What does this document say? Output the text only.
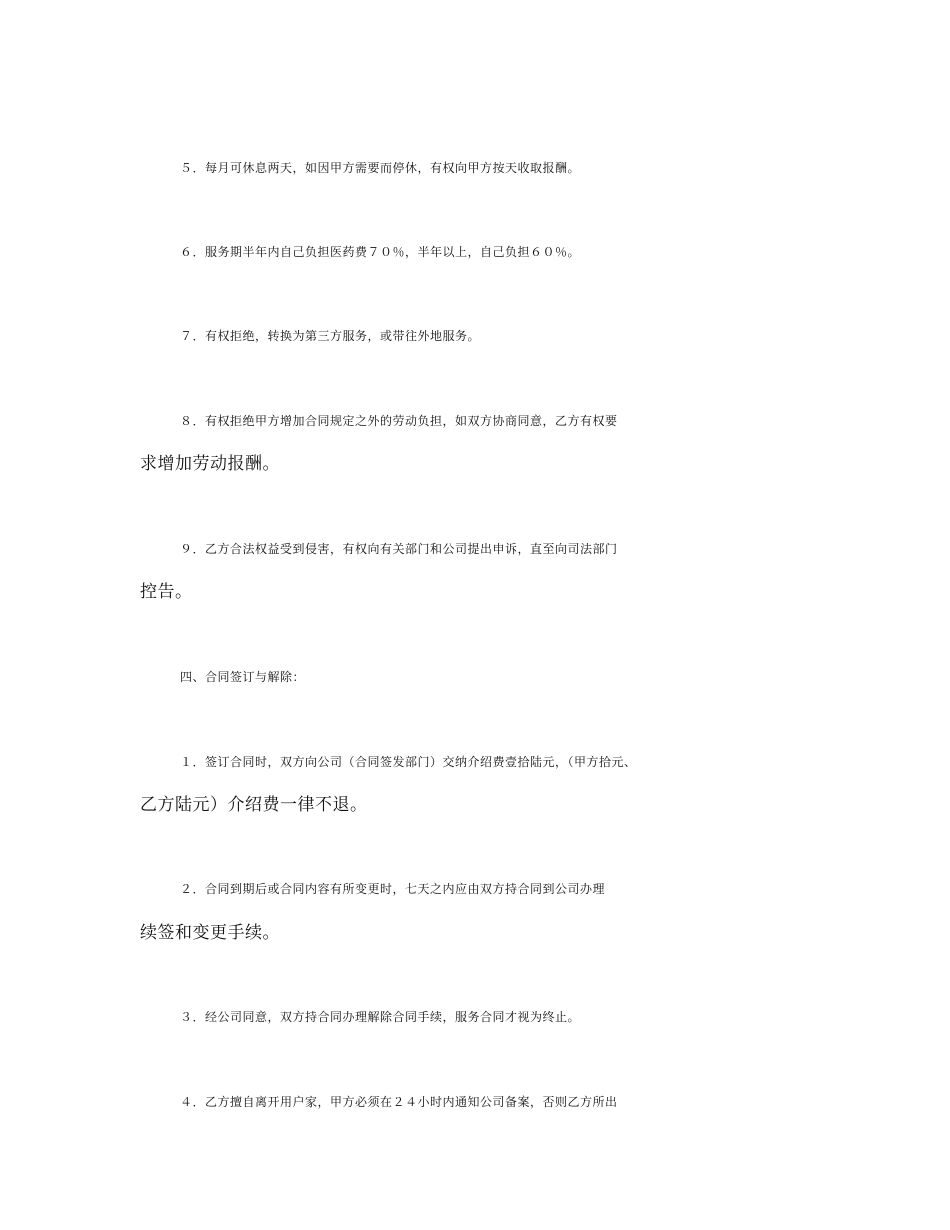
５．每月可休息两天，如因甲方需要而停休，有权向甲方按天收取报酬。

６．服务期半年内自己负担医药费７０％，半年以上，自己负担６０％。

７．有权拒绝，转换为第三方服务，或带往外地服务。

８．有权拒绝甲方增加合同规定之外的劳动负担，如双方协商同意，乙方有权要

求增加劳动报酬。

９．乙方合法权益受到侵害，有权向有关部门和公司提出申诉，直至向司法部门

控告。

四、合同签订与解除：

１．签订合同时，双方向公司（合同签发部门）交纳介绍费壹拾陆元，（甲方拾元、

乙方陆元）介绍费一律不退。

２．合同到期后或合同内容有所变更时，七天之内应由双方持合同到公司办理

续签和变更手续。

３．经公司同意，双方持合同办理解除合同手续，服务合同才视为终止。

４．乙方擅自离开用户家，甲方必须在２４小时内通知公司备案，否则乙方所出
